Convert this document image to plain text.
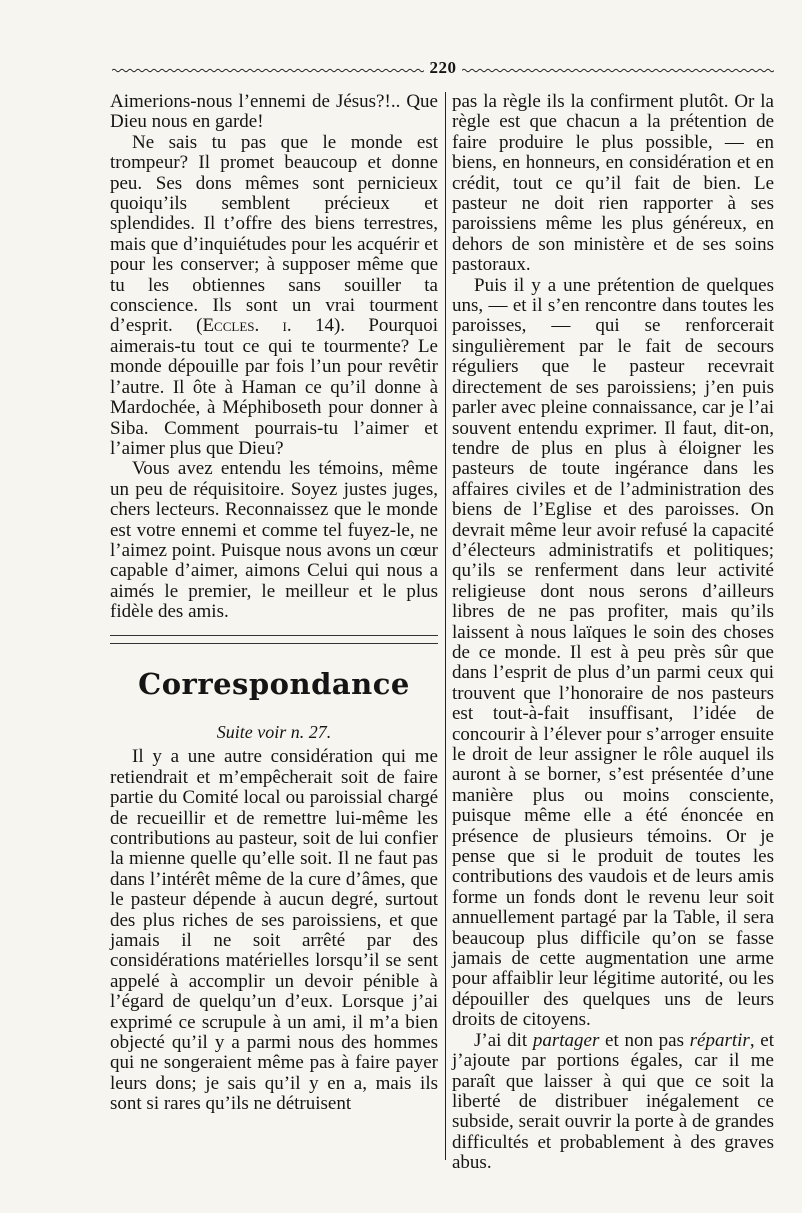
220

Aimerions-nous l’ennemi de Jésus?!.. Que Dieu nous en garde!

Ne sais tu pas que le monde est trompeur? Il promet beaucoup et donne peu. Ses dons mêmes sont pernicieux quoiqu’ils semblent précieux et splendides. Il t’offre des biens terrestres, mais que d’inquiétudes pour les acquérir et pour les conserver; à supposer même que tu les obtiennes sans souiller ta conscience. Ils sont un vrai tourment d’esprit. (Eccles. i. 14). Pourquoi aimerais-tu tout ce qui te tourmente? Le monde dépouille par fois l’un pour revêtir l’autre. Il ôte à Haman ce qu’il donne à Mardochée, à Méphiboseth pour donner à Siba. Comment pourrais-tu l’aimer et l’aimer plus que Dieu?

Vous avez entendu les témoins, même un peu de réquisitoire. Soyez justes juges, chers lecteurs. Reconnaissez que le monde est votre ennemi et comme tel fuyez-le, ne l’aimez point. Puisque nous avons un cœur capable d’aimer, aimons Celui qui nous a aimés le premier, le meilleur et le plus fidèle des amis.

Correspondance
Suite voir n. 27.

Il y a une autre considération qui me retiendrait et m’empêcherait soit de faire partie du Comité local ou paroissial chargé de recueillir et de remettre lui-même les contributions au pasteur, soit de lui confier la mienne quelle qu’elle soit. Il ne faut pas dans l’intérêt même de la cure d’âmes, que le pasteur dépende à aucun degré, surtout des plus riches de ses paroissiens, et que jamais il ne soit arrêté par des considérations matérielles lorsqu’il se sent appelé à accomplir un devoir pénible à l’égard de quelqu’un d’eux. Lorsque j’ai exprimé ce scrupule à un ami, il m’a bien objecté qu’il y a parmi nous des hommes qui ne songeraient même pas à faire payer leurs dons; je sais qu’il y en a, mais ils sont si rares qu’ils ne détruisent

pas la règle ils la confirment plutôt. Or la règle est que chacun a la prétention de faire produire le plus possible, — en biens, en honneurs, en considération et en crédit, tout ce qu’il fait de bien. Le pasteur ne doit rien rapporter à ses paroissiens même les plus généreux, en dehors de son ministère et de ses soins pastoraux.

Puis il y a une prétention de quelques uns, — et il s’en rencontre dans toutes les paroisses, — qui se renforcerait singulièrement par le fait de secours réguliers que le pasteur recevrait directement de ses paroissiens; j’en puis parler avec pleine connaissance, car je l’ai souvent entendu exprimer. Il faut, dit-on, tendre de plus en plus à éloigner les pasteurs de toute ingérance dans les affaires civiles et de l’administration des biens de l’Eglise et des paroisses. On devrait même leur avoir refusé la capacité d’électeurs administratifs et politiques; qu’ils se renferment dans leur activité religieuse dont nous serons d’ailleurs libres de ne pas profiter, mais qu’ils laissent à nous laïques le soin des choses de ce monde. Il est à peu près sûr que dans l’esprit de plus d’un parmi ceux qui trouvent que l’honoraire de nos pasteurs est tout-à-fait insuffisant, l’idée de concourir à l’élever pour s’arroger ensuite le droit de leur assigner le rôle auquel ils auront à se borner, s’est présentée d’une manière plus ou moins consciente, puisque même elle a été énoncée en présence de plusieurs témoins. Or je pense que si le produit de toutes les contributions des vaudois et de leurs amis forme un fonds dont le revenu leur soit annuellement partagé par la Table, il sera beaucoup plus difficile qu’on se fasse jamais de cette augmentation une arme pour affaiblir leur légitime autorité, ou les dépouiller des quelques uns de leurs droits de citoyens.

J’ai dit partager et non pas répartir, et j’ajoute par portions égales, car il me paraît que laisser à qui que ce soit la liberté de distribuer inégalement ce subside, serait ouvrir la porte à de grandes difficultés et probablement à des graves abus.
